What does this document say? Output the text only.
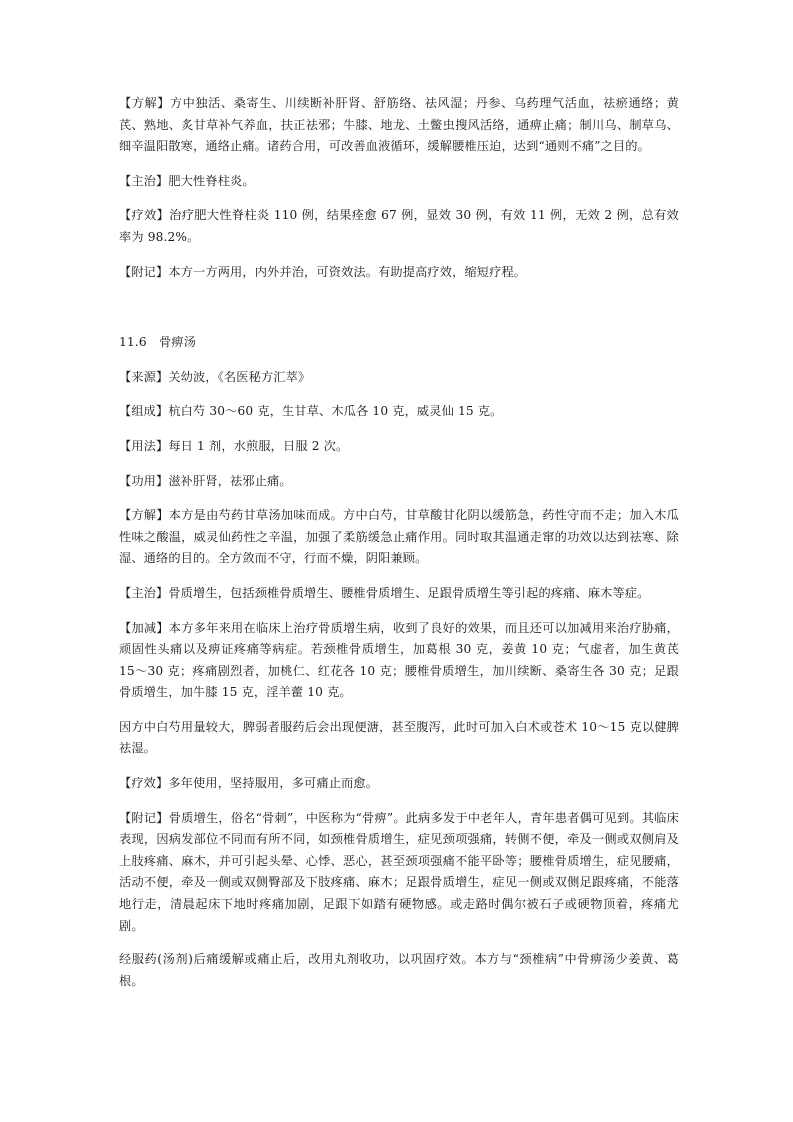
【方解】方中独活、桑寄生、川续断补肝肾、舒筋络、祛风湿；丹参、乌药理气活血，祛瘀通络；黄芪、熟地、炙甘草补气养血，扶正祛邪；牛膝、地龙、土鳖虫搜风活络，通痹止痛；制川乌、制草乌、细辛温阳散寒，通络止痛。诸药合用，可改善血液循环，缓解腰椎压迫，达到“通则不痛”之目的。

【主治】肥大性脊柱炎。

【疗效】治疗肥大性脊柱炎 110 例，结果痊愈 67 例，显效 30 例，有效 11 例，无效 2 例，总有效率为 98.2%。

【附记】本方一方两用，内外并治，可资效法。有助提高疗效，缩短疗程。

11.6　骨痹汤

【来源】关幼波，《名医秘方汇萃》

【组成】杭白芍 30～60 克，生甘草、木瓜各 10 克，威灵仙 15 克。

【用法】每日 1 剂，水煎服，日服 2 次。

【功用】滋补肝肾，祛邪止痛。

【方解】本方是由芍药甘草汤加味而成。方中白芍，甘草酸甘化阴以缓筋急，药性守而不走；加入木瓜性味之酸温，威灵仙药性之辛温，加强了柔筋缓急止痛作用。同时取其温通走窜的功效以达到祛寒、除湿、通络的目的。全方敛而不守，行而不燥，阴阳兼顾。

【主治】骨质增生，包括颈椎骨质增生、腰椎骨质增生、足跟骨质增生等引起的疼痛、麻木等症。

【加减】本方多年来用在临床上治疗骨质增生病，收到了良好的效果，而且还可以加减用来治疗胁痛，顽固性头痛以及痹证疼痛等病症。若颈椎骨质增生，加葛根 30 克，姜黄 10 克；气虚者，加生黄芪 15～30 克；疼痛剧烈者，加桃仁、红花各 10 克；腰椎骨质增生，加川续断、桑寄生各 30 克；足跟骨质增生，加牛膝 15 克，淫羊藿 10 克。

因方中白芍用量较大，脾弱者服药后会出现便溏，甚至腹泻，此时可加入白术或苍术 10～15 克以健脾祛湿。

【疗效】多年使用，坚持服用，多可痛止而愈。

【附记】骨质增生，俗名“骨刺”，中医称为“骨痹”。此病多发于中老年人，青年患者偶可见到。其临床表现，因病发部位不同而有所不同，如颈椎骨质增生，症见颈项强痛，转侧不便，牵及一侧或双侧肩及上肢疼痛、麻木，并可引起头晕、心悸、恶心，甚至颈项强痛不能平卧等；腰椎骨质增生，症见腰痛，活动不便，牵及一侧或双侧臀部及下肢疼痛、麻木；足跟骨质增生，症见一侧或双侧足跟疼痛，不能落地行走，清晨起床下地时疼痛加剧，足跟下如踏有硬物感。或走路时偶尔被石子或硬物顶着，疼痛尤剧。

经服药(汤剂)后痛缓解或痛止后，改用丸剂收功，以巩固疗效。本方与“颈椎病”中骨痹汤少姜黄、葛根。
